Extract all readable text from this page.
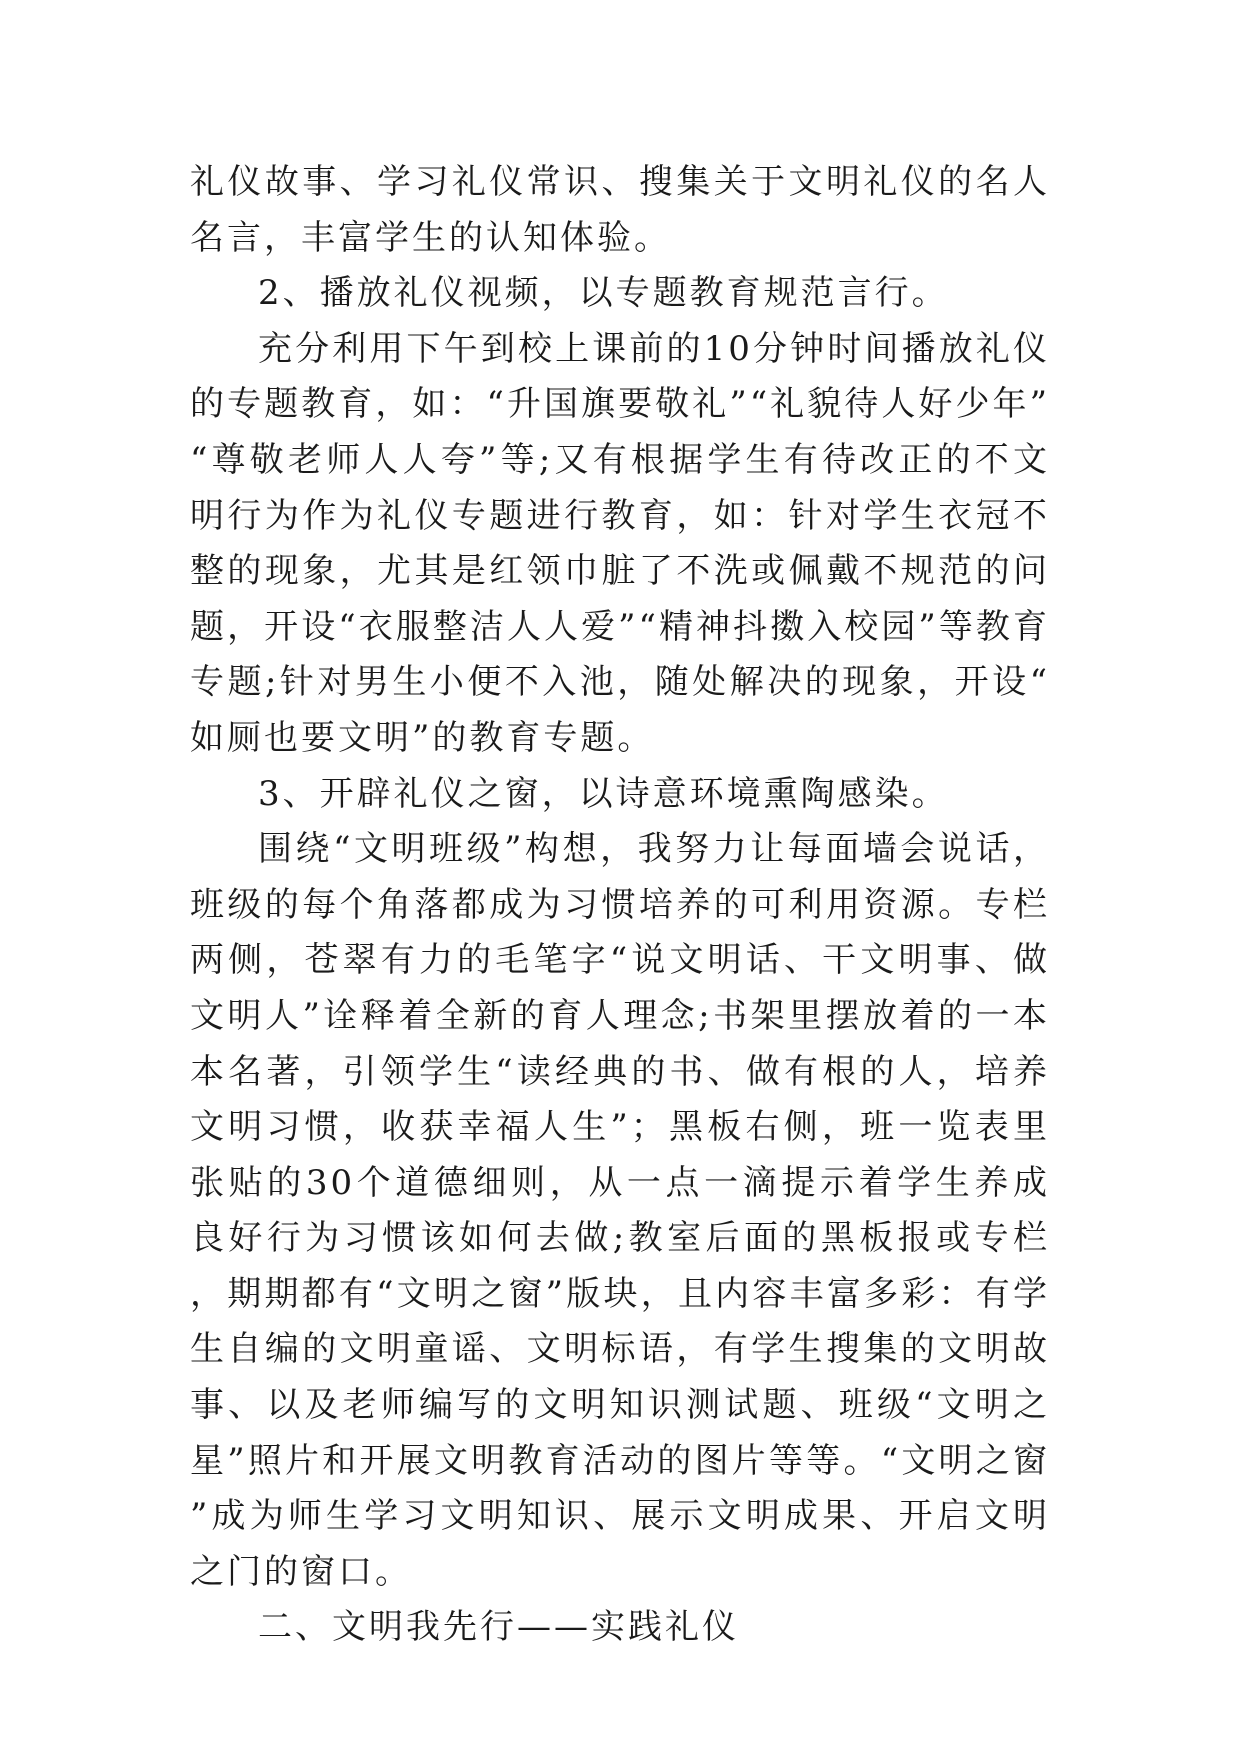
礼仪故事、学习礼仪常识、搜集关于文明礼仪的名人名言，丰富学生的认知体验。

2、播放礼仪视频，以专题教育规范言行。

充分利用下午到校上课前的10分钟时间播放礼仪的专题教育，如：“升国旗要敬礼”“礼貌待人好少年”“尊敬老师人人夸”等;又有根据学生有待改正的不文明行为作为礼仪专题进行教育，如：针对学生衣冠不整的现象，尤其是红领巾脏了不洗或佩戴不规范的问题，开设“衣服整洁人人爱”“精神抖擞入校园”等教育专题;针对男生小便不入池，随处解决的现象，开设“如厕也要文明”的教育专题。

3、开辟礼仪之窗，以诗意环境熏陶感染。

围绕“文明班级”构想，我努力让每面墙会说话，班级的每个角落都成为习惯培养的可利用资源。专栏两侧，苍翠有力的毛笔字“说文明话、干文明事、做文明人”诠释着全新的育人理念;书架里摆放着的一本本名著，引领学生“读经典的书、做有根的人，培养文明习惯，收获幸福人生”；黑板右侧，班一览表里张贴的30个道德细则，从一点一滴提示着学生养成良好行为习惯该如何去做;教室后面的黑板报或专栏，期期都有“文明之窗”版块，且内容丰富多彩：有学生自编的文明童谣、文明标语，有学生搜集的文明故事、以及老师编写的文明知识测试题、班级“文明之星”照片和开展文明教育活动的图片等等。“文明之窗”成为师生学习文明知识、展示文明成果、开启文明之门的窗口。

二、文明我先行——实践礼仪
